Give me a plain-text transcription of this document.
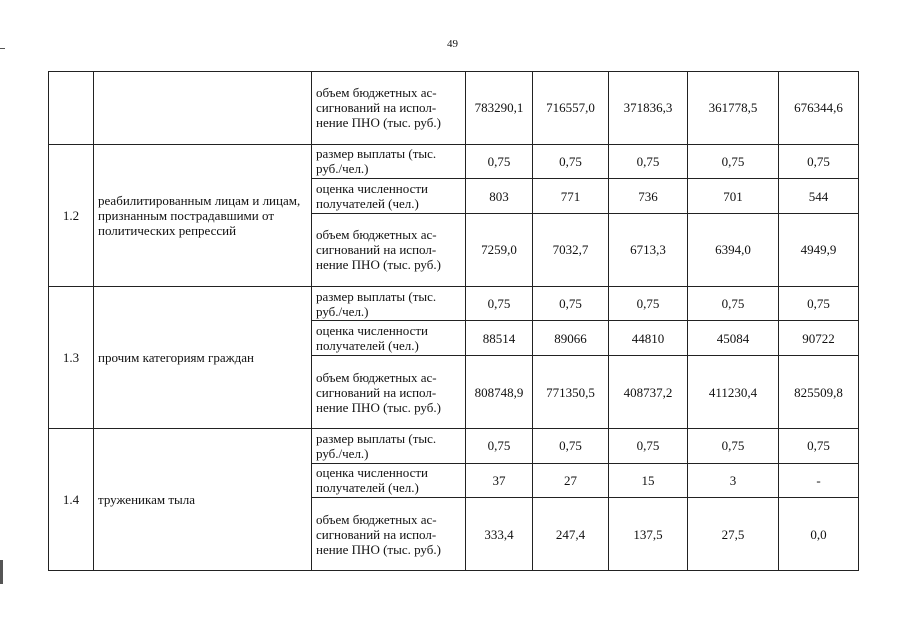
49
		объем бюджетных ассигнований на исполнение ПНО (тыс. руб.)	783290,1	716557,0	371836,3	361778,5	676344,6
1.2	реабилитированным лицам и лицам, признанным пострадавшими от политических репрессий	размер выплаты (тыс. руб./чел.)	0,75	0,75	0,75	0,75	0,75
		оценка численности получателей (чел.)	803	771	736	701	544
		объем бюджетных ассигнований на исполнение ПНО (тыс. руб.)	7259,0	7032,7	6713,3	6394,0	4949,9
1.3	прочим категориям граждан	размер выплаты (тыс. руб./чел.)	0,75	0,75	0,75	0,75	0,75
		оценка численности получателей (чел.)	88514	89066	44810	45084	90722
		объем бюджетных ассигнований на исполнение ПНО (тыс. руб.)	808748,9	771350,5	408737,2	411230,4	825509,8
1.4	труженикам тыла	размер выплаты (тыс. руб./чел.)	0,75	0,75	0,75	0,75	0,75
		оценка численности получателей (чел.)	37	27	15	3	-
		объем бюджетных ассигнований на исполнение ПНО (тыс. руб.)	333,4	247,4	137,5	27,5	0,0
